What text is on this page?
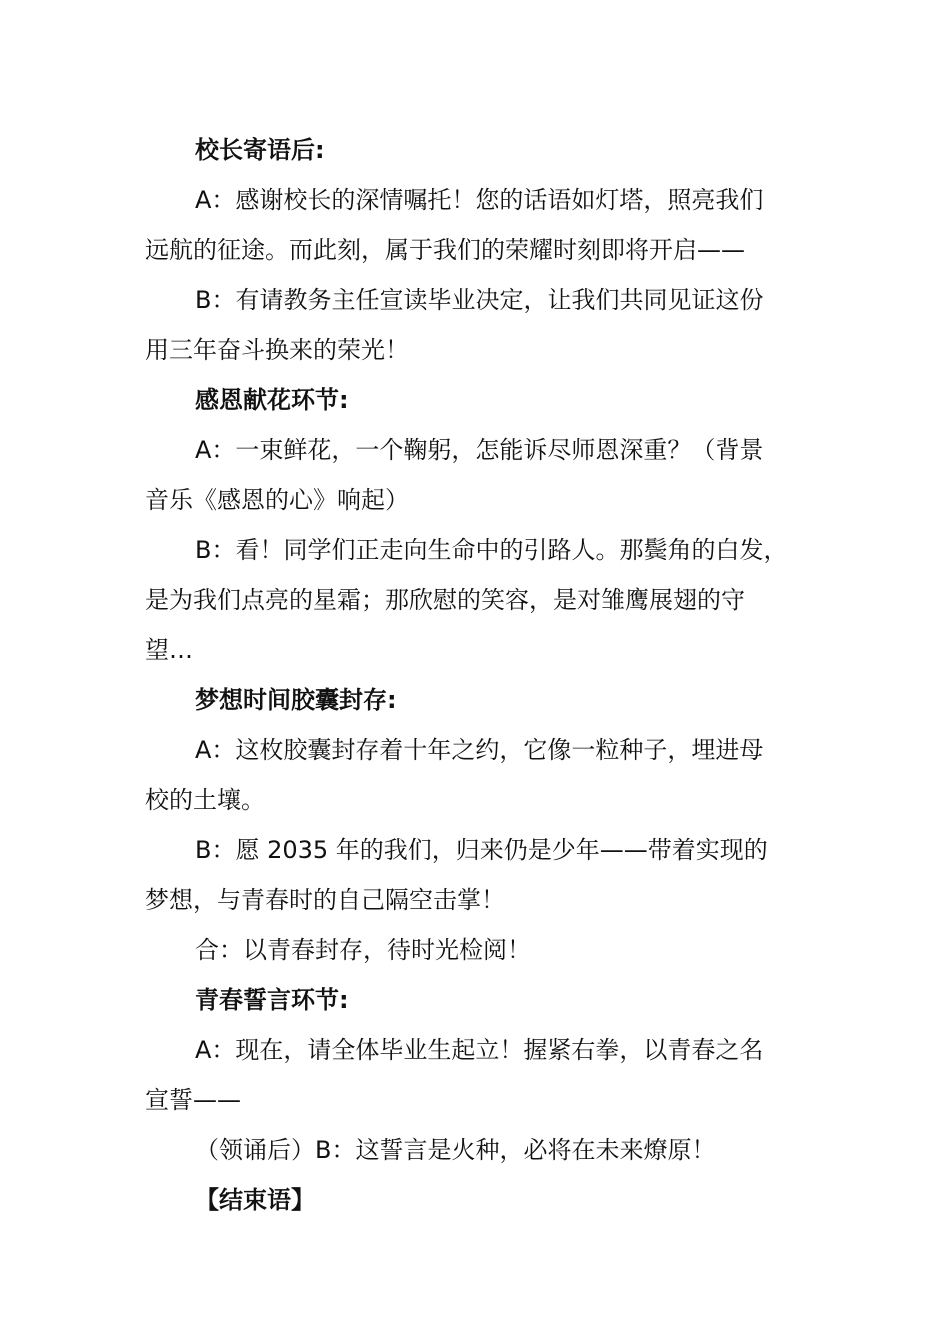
校长寄语后:
A：感谢校长的深情嘱托！您的话语如灯塔，照亮我们
远航的征途。而此刻，属于我们的荣耀时刻即将开启——
B：有请教务主任宣读毕业决定，让我们共同见证这份
用三年奋斗换来的荣光！
感恩献花环节:
A：一束鲜花，一个鞠躬，怎能诉尽师恩深重？（背景
音乐《感恩的心》响起）
B：看！同学们正走向生命中的引路人。那鬓角的白发，
是为我们点亮的星霜；那欣慰的笑容，是对雏鹰展翅的守
望…
梦想时间胶囊封存:
A：这枚胶囊封存着十年之约，它像一粒种子，埋进母
校的土壤。
B：愿 2035 年的我们，归来仍是少年——带着实现的
梦想，与青春时的自己隔空击掌！
合：以青春封存，待时光检阅！
青春誓言环节:
A：现在，请全体毕业生起立！握紧右拳，以青春之名
宣誓——
（领诵后）B：这誓言是火种，必将在未来燎原！
【结束语】
